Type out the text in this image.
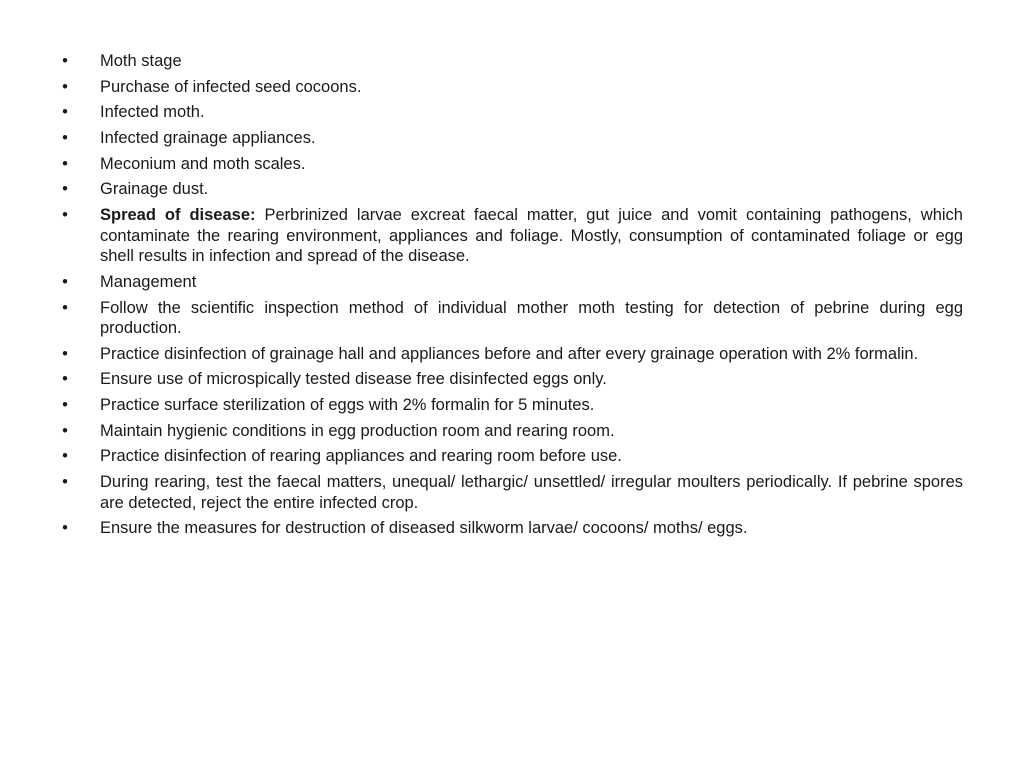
• Moth stage
• Purchase of infected seed cocoons.
• Infected moth.
• Infected grainage appliances.
• Meconium and moth scales.
• Grainage dust.
• Spread of disease: Perbrinized larvae excreat faecal matter, gut juice and vomit containing pathogens, which contaminate the rearing environment, appliances and foliage. Mostly, consumption of contaminated foliage or egg shell results in infection and spread of the disease.
• Management
• Follow the scientific inspection method of individual mother moth testing for detection of pebrine during egg production.
• Practice disinfection of grainage hall and appliances before and after every grainage operation with 2% formalin.
• Ensure use of microspically tested disease free disinfected eggs only.
• Practice surface sterilization of eggs with 2% formalin for 5 minutes.
• Maintain hygienic conditions in egg production room and rearing room.
• Practice disinfection of rearing appliances and rearing room before use.
• During rearing, test the faecal matters, unequal/ lethargic/ unsettled/ irregular moulters periodically. If pebrine spores are detected, reject the entire infected crop.
• Ensure the measures for destruction of diseased silkworm larvae/ cocoons/ moths/ eggs.
